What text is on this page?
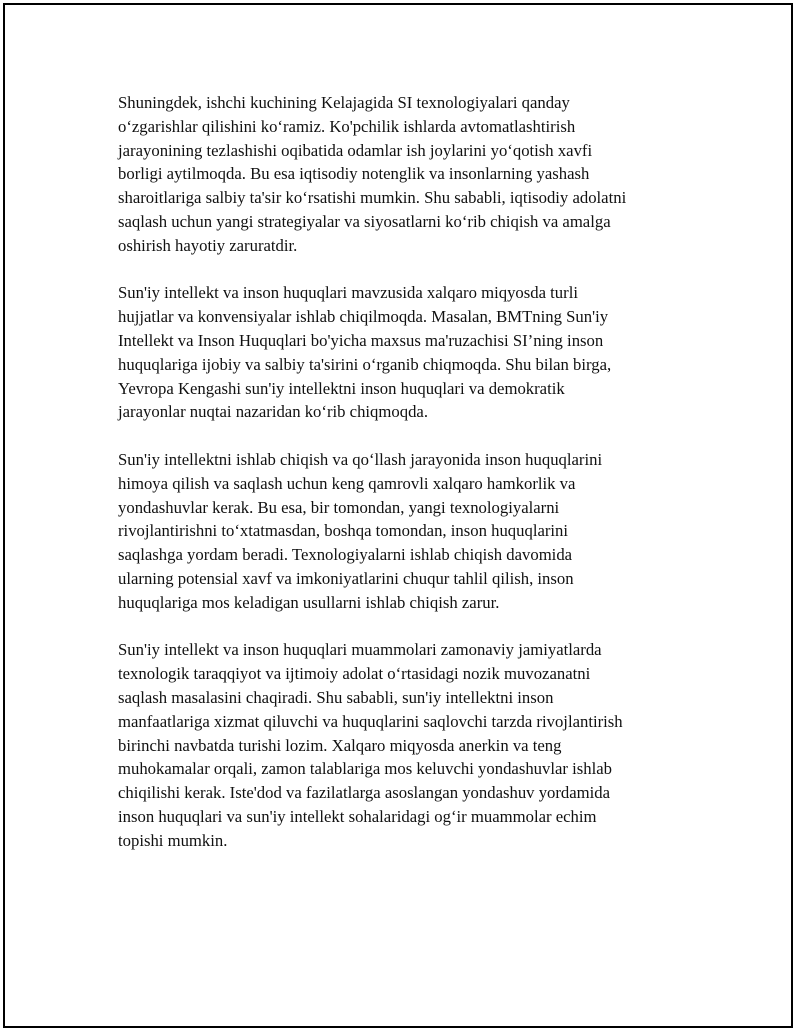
Shuningdek, ishchi kuchining Kelajagida SI texnologiyalari qanday
o‘zgarishlar qilishini ko‘ramiz. Ko'pchilik ishlarda avtomatlashtirish
jarayonining tezlashishi oqibatida odamlar ish joylarini yo‘qotish xavfi
borligi aytilmoqda. Bu esa iqtisodiy notenglik va insonlarning yashash
sharoitlariga salbiy ta'sir ko‘rsatishi mumkin. Shu sababli, iqtisodiy adolatni
saqlash uchun yangi strategiyalar va siyosatlarni ko‘rib chiqish va amalga
oshirish hayotiy zaruratdir.
Sun'iy intellekt va inson huquqlari mavzusida xalqaro miqyosda turli
hujjatlar va konvensiyalar ishlab chiqilmoqda. Masalan, BMTning Sun'iy
Intellekt va Inson Huquqlari bo'yicha maxsus ma'ruzachisi SI’ning inson
huquqlariga ijobiy va salbiy ta'sirini o‘rganib chiqmoqda. Shu bilan birga,
Yevropa Kengashi sun'iy intellektni inson huquqlari va demokratik
jarayonlar nuqtai nazaridan ko‘rib chiqmoqda.
Sun'iy intellektni ishlab chiqish va qo‘llash jarayonida inson huquqlarini
himoya qilish va saqlash uchun keng qamrovli xalqaro hamkorlik va
yondashuvlar kerak. Bu esa, bir tomondan, yangi texnologiyalarni
rivojlantirishni to‘xtatmasdan, boshqa tomondan, inson huquqlarini
saqlashga yordam beradi. Texnologiyalarni ishlab chiqish davomida
ularning potensial xavf va imkoniyatlarini chuqur tahlil qilish, inson
huquqlariga mos keladigan usullarni ishlab chiqish zarur.
Sun'iy intellekt va inson huquqlari muammolari zamonaviy jamiyatlarda
texnologik taraqqiyot va ijtimoiy adolat o‘rtasidagi nozik muvozanatni
saqlash masalasini chaqiradi. Shu sababli, sun'iy intellektni inson
manfaatlariga xizmat qiluvchi va huquqlarini saqlovchi tarzda rivojlantirish
birinchi navbatda turishi lozim. Xalqaro miqyosda anerkin va teng
muhokamalar orqali, zamon talablariga mos keluvchi yondashuvlar ishlab
chiqilishi kerak. Iste'dod va fazilatlarga asoslangan yondashuv yordamida
inson huquqlari va sun'iy intellekt sohalaridagi og‘ir muammolar echim
topishi mumkin.
